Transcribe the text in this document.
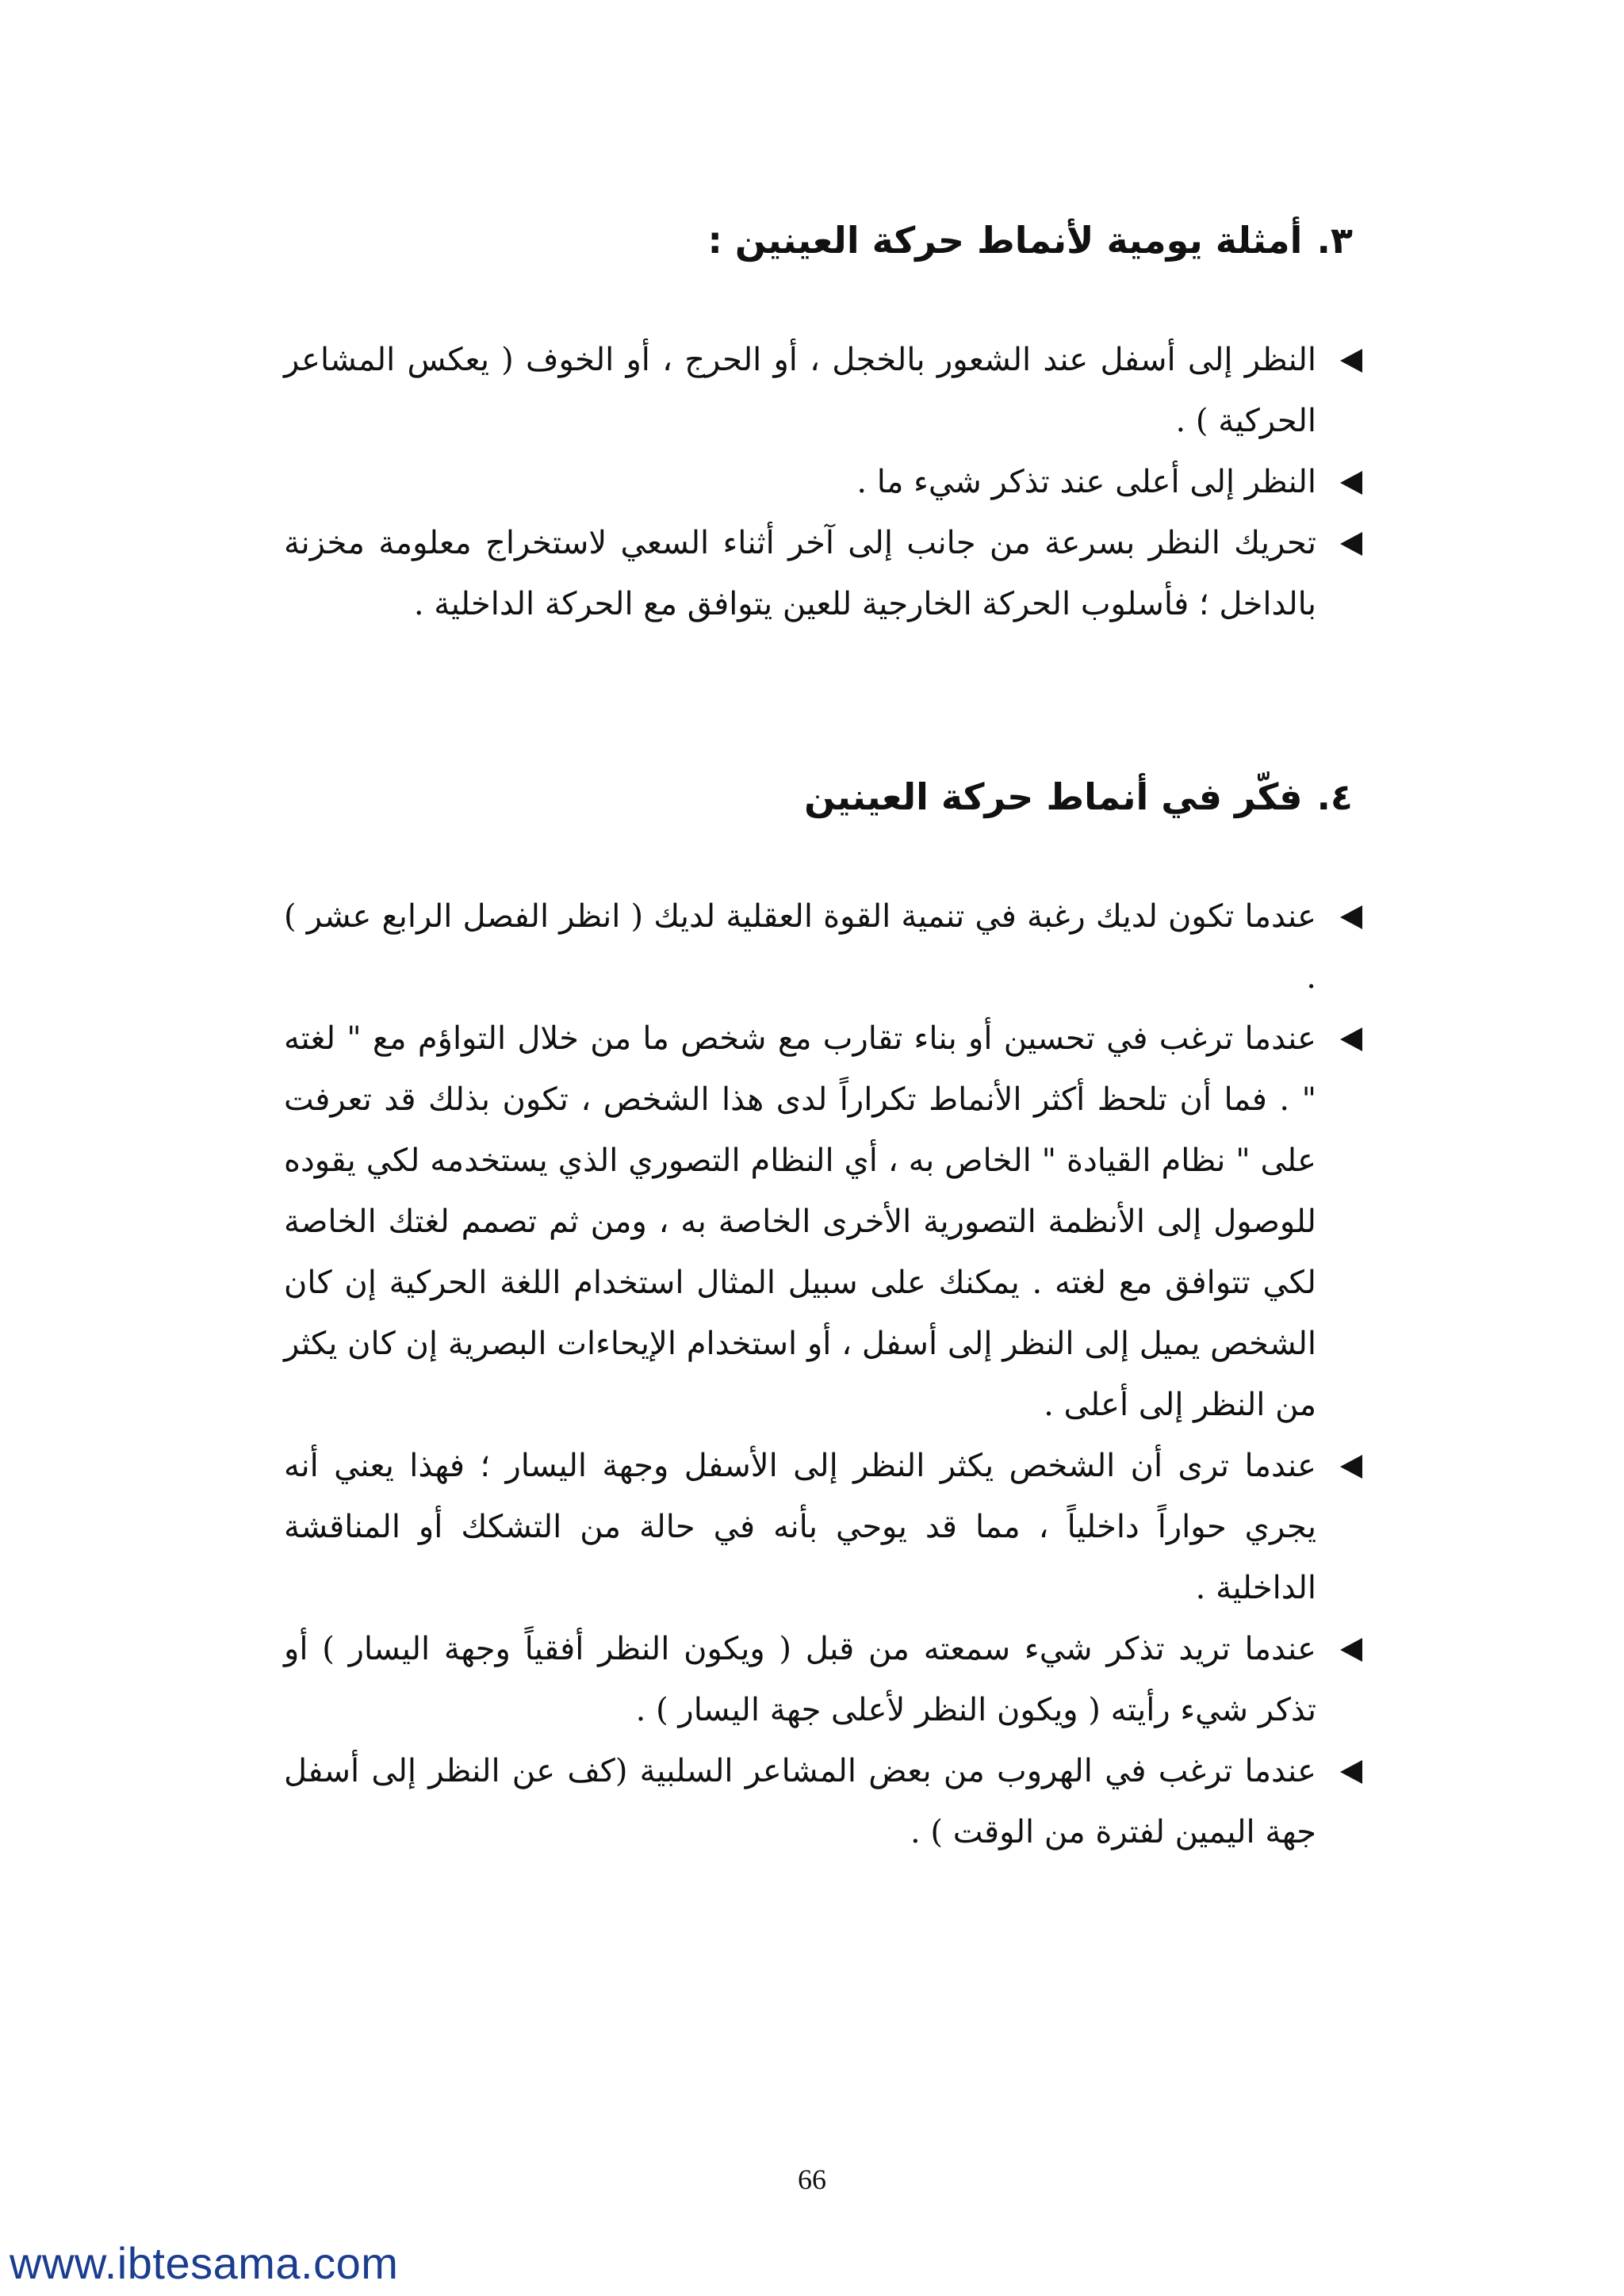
٣.
أمثلة يومية لأنماط حركة العينين :
النظر إلى أسفل عند الشعور بالخجل ، أو الحرج ، أو الخوف ( يعكس المشاعر الحركية ) .
النظر إلى أعلى عند تذكر شيء ما .
تحريك النظر بسرعة من جانب إلى آخر أثناء السعي لاستخراج معلومة مخزنة بالداخل ؛ فأسلوب الحركة الخارجية للعين يتوافق مع الحركة الداخلية .
٤.
فكّر في أنماط حركة العينين
عندما تكون لديك رغبة في تنمية القوة العقلية لديك ( انظر الفصل الرابع عشر ) .
عندما ترغب في تحسين أو بناء تقارب مع شخص ما من خلال التواؤم مع " لغته " . فما أن تلحظ أكثر الأنماط تكراراً لدى هذا الشخص ، تكون بذلك قد تعرفت على " نظام القيادة " الخاص به ، أي النظام التصوري الذي يستخدمه لكي يقوده للوصول إلى الأنظمة التصورية الأخرى الخاصة به ، ومن ثم تصمم لغتك الخاصة لكي تتوافق مع لغته . يمكنك على سبيل المثال استخدام اللغة الحركية إن كان الشخص يميل إلى النظر إلى أسفل ، أو استخدام الإيحاءات البصرية إن كان يكثر من النظر إلى أعلى .
عندما ترى أن الشخص يكثر النظر إلى الأسفل وجهة اليسار ؛ فهذا يعني أنه يجري حواراً داخلياً ، مما قد يوحي بأنه في حالة من التشكك أو المناقشة الداخلية .
عندما تريد تذكر شيء سمعته من قبل ( ويكون النظر أفقياً وجهة اليسار ) أو تذكر شيء رأيته ( ويكون النظر لأعلى جهة اليسار ) .
عندما ترغب في الهروب من بعض المشاعر السلبية (كف عن النظر إلى أسفل جهة اليمين لفترة من الوقت ) .
66
www.ibtesama.com
